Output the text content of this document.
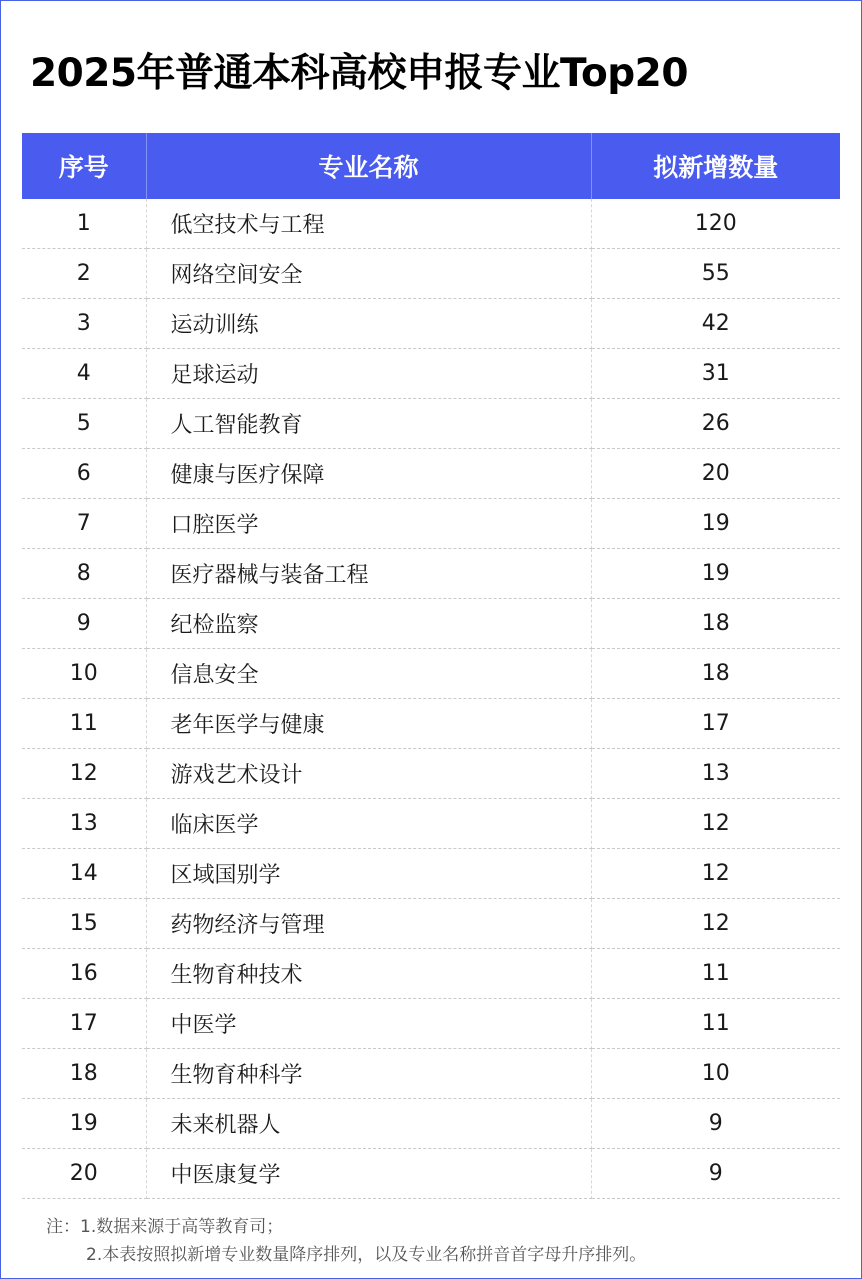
2025年普通本科高校申报专业Top20
序号	专业名称	拟新增数量
1	低空技术与工程	120
2	网络空间安全	55
3	运动训练	42
4	足球运动	31
5	人工智能教育	26
6	健康与医疗保障	20
7	口腔医学	19
8	医疗器械与装备工程	19
9	纪检监察	18
10	信息安全	18
11	老年医学与健康	17
12	游戏艺术设计	13
13	临床医学	12
14	区域国别学	12
15	药物经济与管理	12
16	生物育种技术	11
17	中医学	11
18	生物育种科学	10
19	未来机器人	9
20	中医康复学	9
注：1.数据来源于高等教育司；
2.本表按照拟新增专业数量降序排列，以及专业名称拼音首字母升序排列。
